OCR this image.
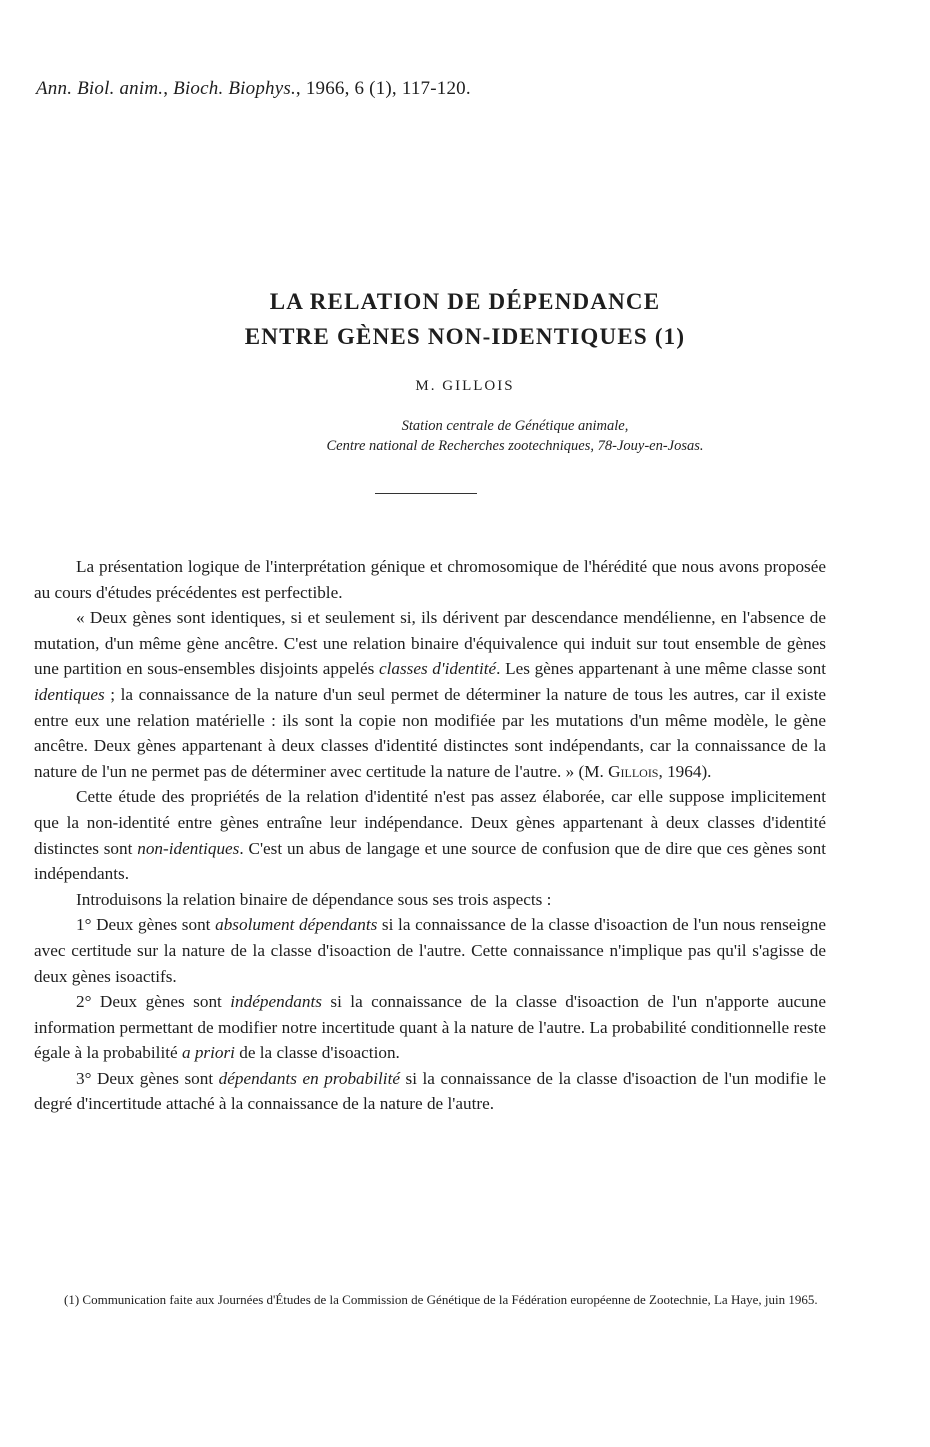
Ann. Biol. anim., Bioch. Biophys., 1966, 6 (1), 117-120.
LA RELATION DE DÉPENDANCE
ENTRE GÈNES NON-IDENTIQUES (1)
M. GILLOIS
Station centrale de Génétique animale,
Centre national de Recherches zootechniques, 78-Jouy-en-Josas.

La présentation logique de l'interprétation génique et chromosomique de l'hérédité que nous avons proposée au cours d'études précédentes est perfectible.

« Deux gènes sont identiques, si et seulement si, ils dérivent par descendance mendélienne, en l'absence de mutation, d'un même gène ancêtre. C'est une relation binaire d'équivalence qui induit sur tout ensemble de gènes une partition en sous-ensembles disjoints appelés classes d'identité. Les gènes appartenant à une même classe sont identiques ; la connaissance de la nature d'un seul permet de déterminer la nature de tous les autres, car il existe entre eux une relation matérielle : ils sont la copie non modifiée par les mutations d'un même modèle, le gène ancêtre. Deux gènes appartenant à deux classes d'identité distinctes sont indépendants, car la connaissance de la nature de l'un ne permet pas de déterminer avec certitude la nature de l'autre. » (M. Gillois, 1964).

Cette étude des propriétés de la relation d'identité n'est pas assez élaborée, car elle suppose implicitement que la non-identité entre gènes entraîne leur indépendance. Deux gènes appartenant à deux classes d'identité distinctes sont non-identiques. C'est un abus de langage et une source de confusion que de dire que ces gènes sont indépendants.

Introduisons la relation binaire de dépendance sous ses trois aspects :

1° Deux gènes sont absolument dépendants si la connaissance de la classe d'isoaction de l'un nous renseigne avec certitude sur la nature de la classe d'isoaction de l'autre. Cette connaissance n'implique pas qu'il s'agisse de deux gènes isoactifs.

2° Deux gènes sont indépendants si la connaissance de la classe d'isoaction de l'un n'apporte aucune information permettant de modifier notre incertitude quant à la nature de l'autre. La probabilité conditionnelle reste égale à la probabilité a priori de la classe d'isoaction.

3° Deux gènes sont dépendants en probabilité si la connaissance de la classe d'isoaction de l'un modifie le degré d'incertitude attaché à la connaissance de la nature de l'autre.

(1) Communication faite aux Journées d'Études de la Commission de Génétique de la Fédération européenne de Zootechnie, La Haye, juin 1965.
